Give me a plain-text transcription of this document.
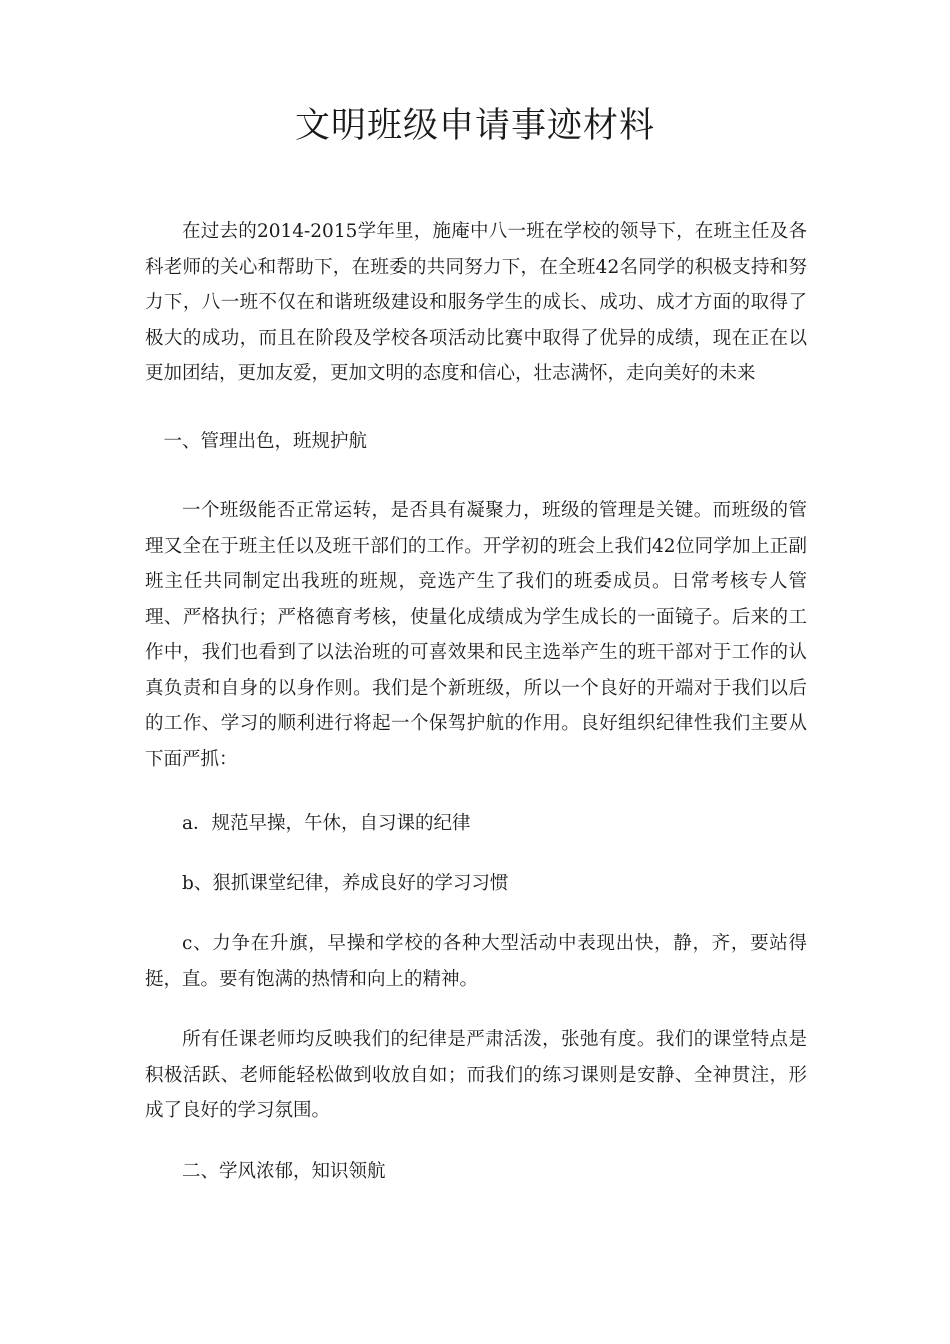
文明班级申请事迹材料

在过去的2014-2015学年里，施庵中八一班在学校的领导下，在班主任及各科老师的关心和帮助下，在班委的共同努力下，在全班42名同学的积极支持和努力下，八一班不仅在和谐班级建设和服务学生的成长、成功、成才方面的取得了极大的成功，而且在阶段及学校各项活动比赛中取得了优异的成绩，现在正在以更加团结，更加友爱，更加文明的态度和信心，壮志满怀，走向美好的未来

一、管理出色，班规护航

一个班级能否正常运转，是否具有凝聚力，班级的管理是关键。而班级的管理又全在于班主任以及班干部们的工作。开学初的班会上我们42位同学加上正副班主任共同制定出我班的班规，竞选产生了我们的班委成员。日常考核专人管理、严格执行；严格德育考核，使量化成绩成为学生成长的一面镜子。后来的工作中，我们也看到了以法治班的可喜效果和民主选举产生的班干部对于工作的认真负责和自身的以身作则。我们是个新班级，所以一个良好的开端对于我们以后的工作、学习的顺利进行将起一个保驾护航的作用。良好组织纪律性我们主要从下面严抓：

a．规范早操，午休，自习课的纪律

b、狠抓课堂纪律，养成良好的学习习惯

c、力争在升旗，早操和学校的各种大型活动中表现出快，静，齐，要站得挺，直。要有饱满的热情和向上的精神。

所有任课老师均反映我们的纪律是严肃活泼，张弛有度。我们的课堂特点是积极活跃、老师能轻松做到收放自如；而我们的练习课则是安静、全神贯注，形成了良好的学习氛围。

二、学风浓郁，知识领航
